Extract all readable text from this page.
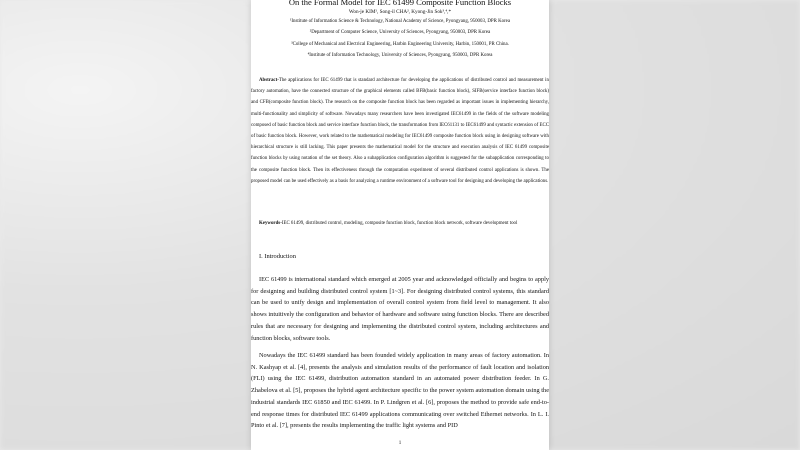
On the Formal Model for IEC 61499 Composite Function Blocks
Won-je KIM¹, Song-il CHA², Kyong-Jin Sok³,⁴,*
¹Institute of Information Science & Technology, National Academy of Science, Pyongyang, 950003, DPR Korea
²Department of Computer Science, University of Sciences, Pyongyang, 950003, DPR Korea
³College of Mechanical and Electrical Engineering, Harbin Engineering University, Harbin, 150001, PR China.
⁴Institute of Information Technology, University of Sciences, Pyongyang, 950003, DPR Korea
Abstract-The applications for IEC 61499 that is standard architecture for developing the applications of distributed control and measurement in factory automation, have the connected structure of the graphical elements called BFB(basic function block), SIFB(service interface function block) and CFB(composite function block). The research on the composite function block has been regarded as important issues in implementing hierarchy, multi-functionality and simplicity of software. Nowadays many researchers have been investigated IEC61499 in the fields of the software modeling composed of basic function block and service interface function block, the transformation from IEC61131 to IEC61499 and syntactic extension of ECC of basic function block. However, work related to the mathematical modeling for IEC61499 composite function block using in designing software with hierarchical structure is still lacking. This paper presents the mathematical model for the structure and execution analysis of IEC 61499 composite function blocks by using notation of the set theory. Also a subapplication configuration algorithm is suggested for the subapplication corresponding to the composite function block. Then its effectiveness through the computation experiment of several distributed control applications is shown. The proposed model can be used effectively as a basis for analyzing a runtime environment of a software tool for designing and developing the applications.
Keywords-IEC 61499, distributed control, modeling, composite function block, function block network, software development tool
I. Introduction
IEC 61499 is international standard which emerged at 2005 year and acknowledged officially and begins to apply for designing and building distributed control system [1~3]. For designing distributed control systems, this standard can be used to unify design and implementation of overall control system from field level to management. It also shows intuitively the configuration and behavior of hardware and software using function blocks. There are described rules that are necessary for designing and implementing the distributed control system, including architectures and function blocks, software tools.
Nowadays the IEC 61499 standard has been founded widely application in many areas of factory automation. In N. Kashyap et al. [4], presents the analysis and simulation results of the performance of fault location and isolation (FLI) using the IEC 61499, distribution automation standard in an automated power distribution feeder. In G. Zhabelova et al. [5], proposes the hybrid agent architecture specific to the power system automation domain using the industrial standards IEC 61850 and IEC 61499. In P. Lindgren et al. [6], proposes the method to provide safe end-to-end response times for distributed IEC 61499 applications communicating over switched Ethernet networks. In L. I. Pinto et al. [7], presents the results implementing the traffic light systems and PID
1
